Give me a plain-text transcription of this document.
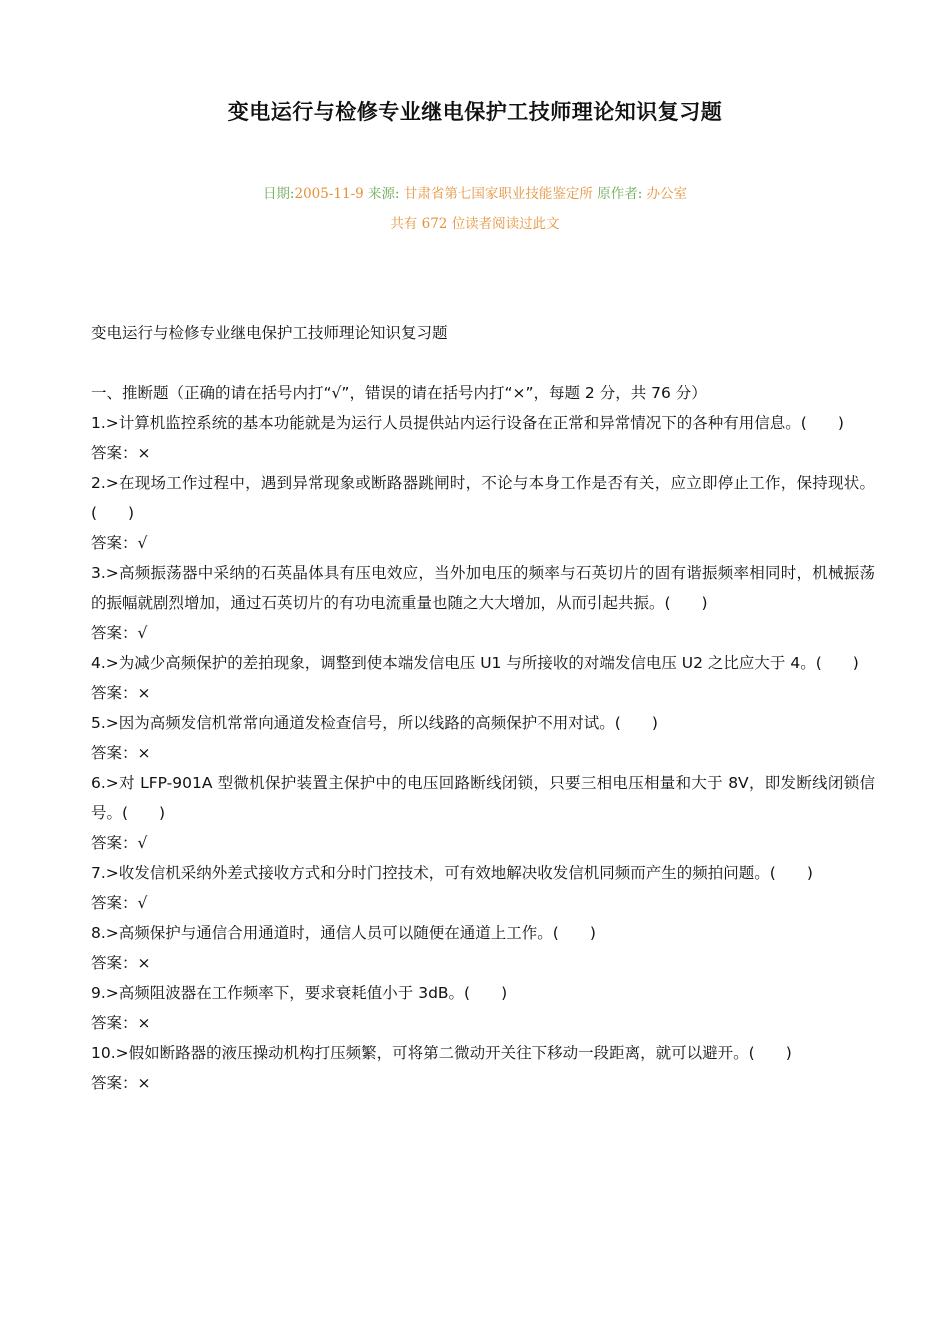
变电运行与检修专业继电保护工技师理论知识复习题
日期:2005-11-9 来源: 甘肃省第七国家职业技能鉴定所 原作者: 办公室
共有 672 位读者阅读过此文

变电运行与检修专业继电保护工技师理论知识复习题

一、推断题（正确的请在括号内打“√”，错误的请在括号内打“×”，每题 2 分，共 76 分）

1.>计算机监控系统的基本功能就是为运行人员提供站内运行设备在正常和异常情况下的各种有用信息。(　　)

答案：×

2.>在现场工作过程中，遇到异常现象或断路器跳闸时，不论与本身工作是否有关，应立即停止工作，保持现状。(　　)

答案：√

3.>高频振荡器中采纳的石英晶体具有压电效应，当外加电压的频率与石英切片的固有谐振频率相同时，机械振荡的振幅就剧烈增加，通过石英切片的有功电流重量也随之大大增加，从而引起共振。(　　)

答案：√

4.>为减少高频保护的差拍现象，调整到使本端发信电压 U1 与所接收的对端发信电压 U2 之比应大于 4。(　　)

答案：×

5.>因为高频发信机常常向通道发检查信号，所以线路的高频保护不用对试。(　　)

答案：×

6.>对 LFP-901A 型微机保护装置主保护中的电压回路断线闭锁，只要三相电压相量和大于 8V，即发断线闭锁信号。(　　)

答案：√

7.>收发信机采纳外差式接收方式和分时门控技术，可有效地解决收发信机同频而产生的频拍问题。(　　)

答案：√

8.>高频保护与通信合用通道时，通信人员可以随便在通道上工作。(　　)

答案：×

9.>高频阻波器在工作频率下，要求衰耗值小于 3dB。(　　)

答案：×

10.>假如断路器的液压操动机构打压频繁，可将第二微动开关往下移动一段距离，就可以避开。(　　)

答案：×
